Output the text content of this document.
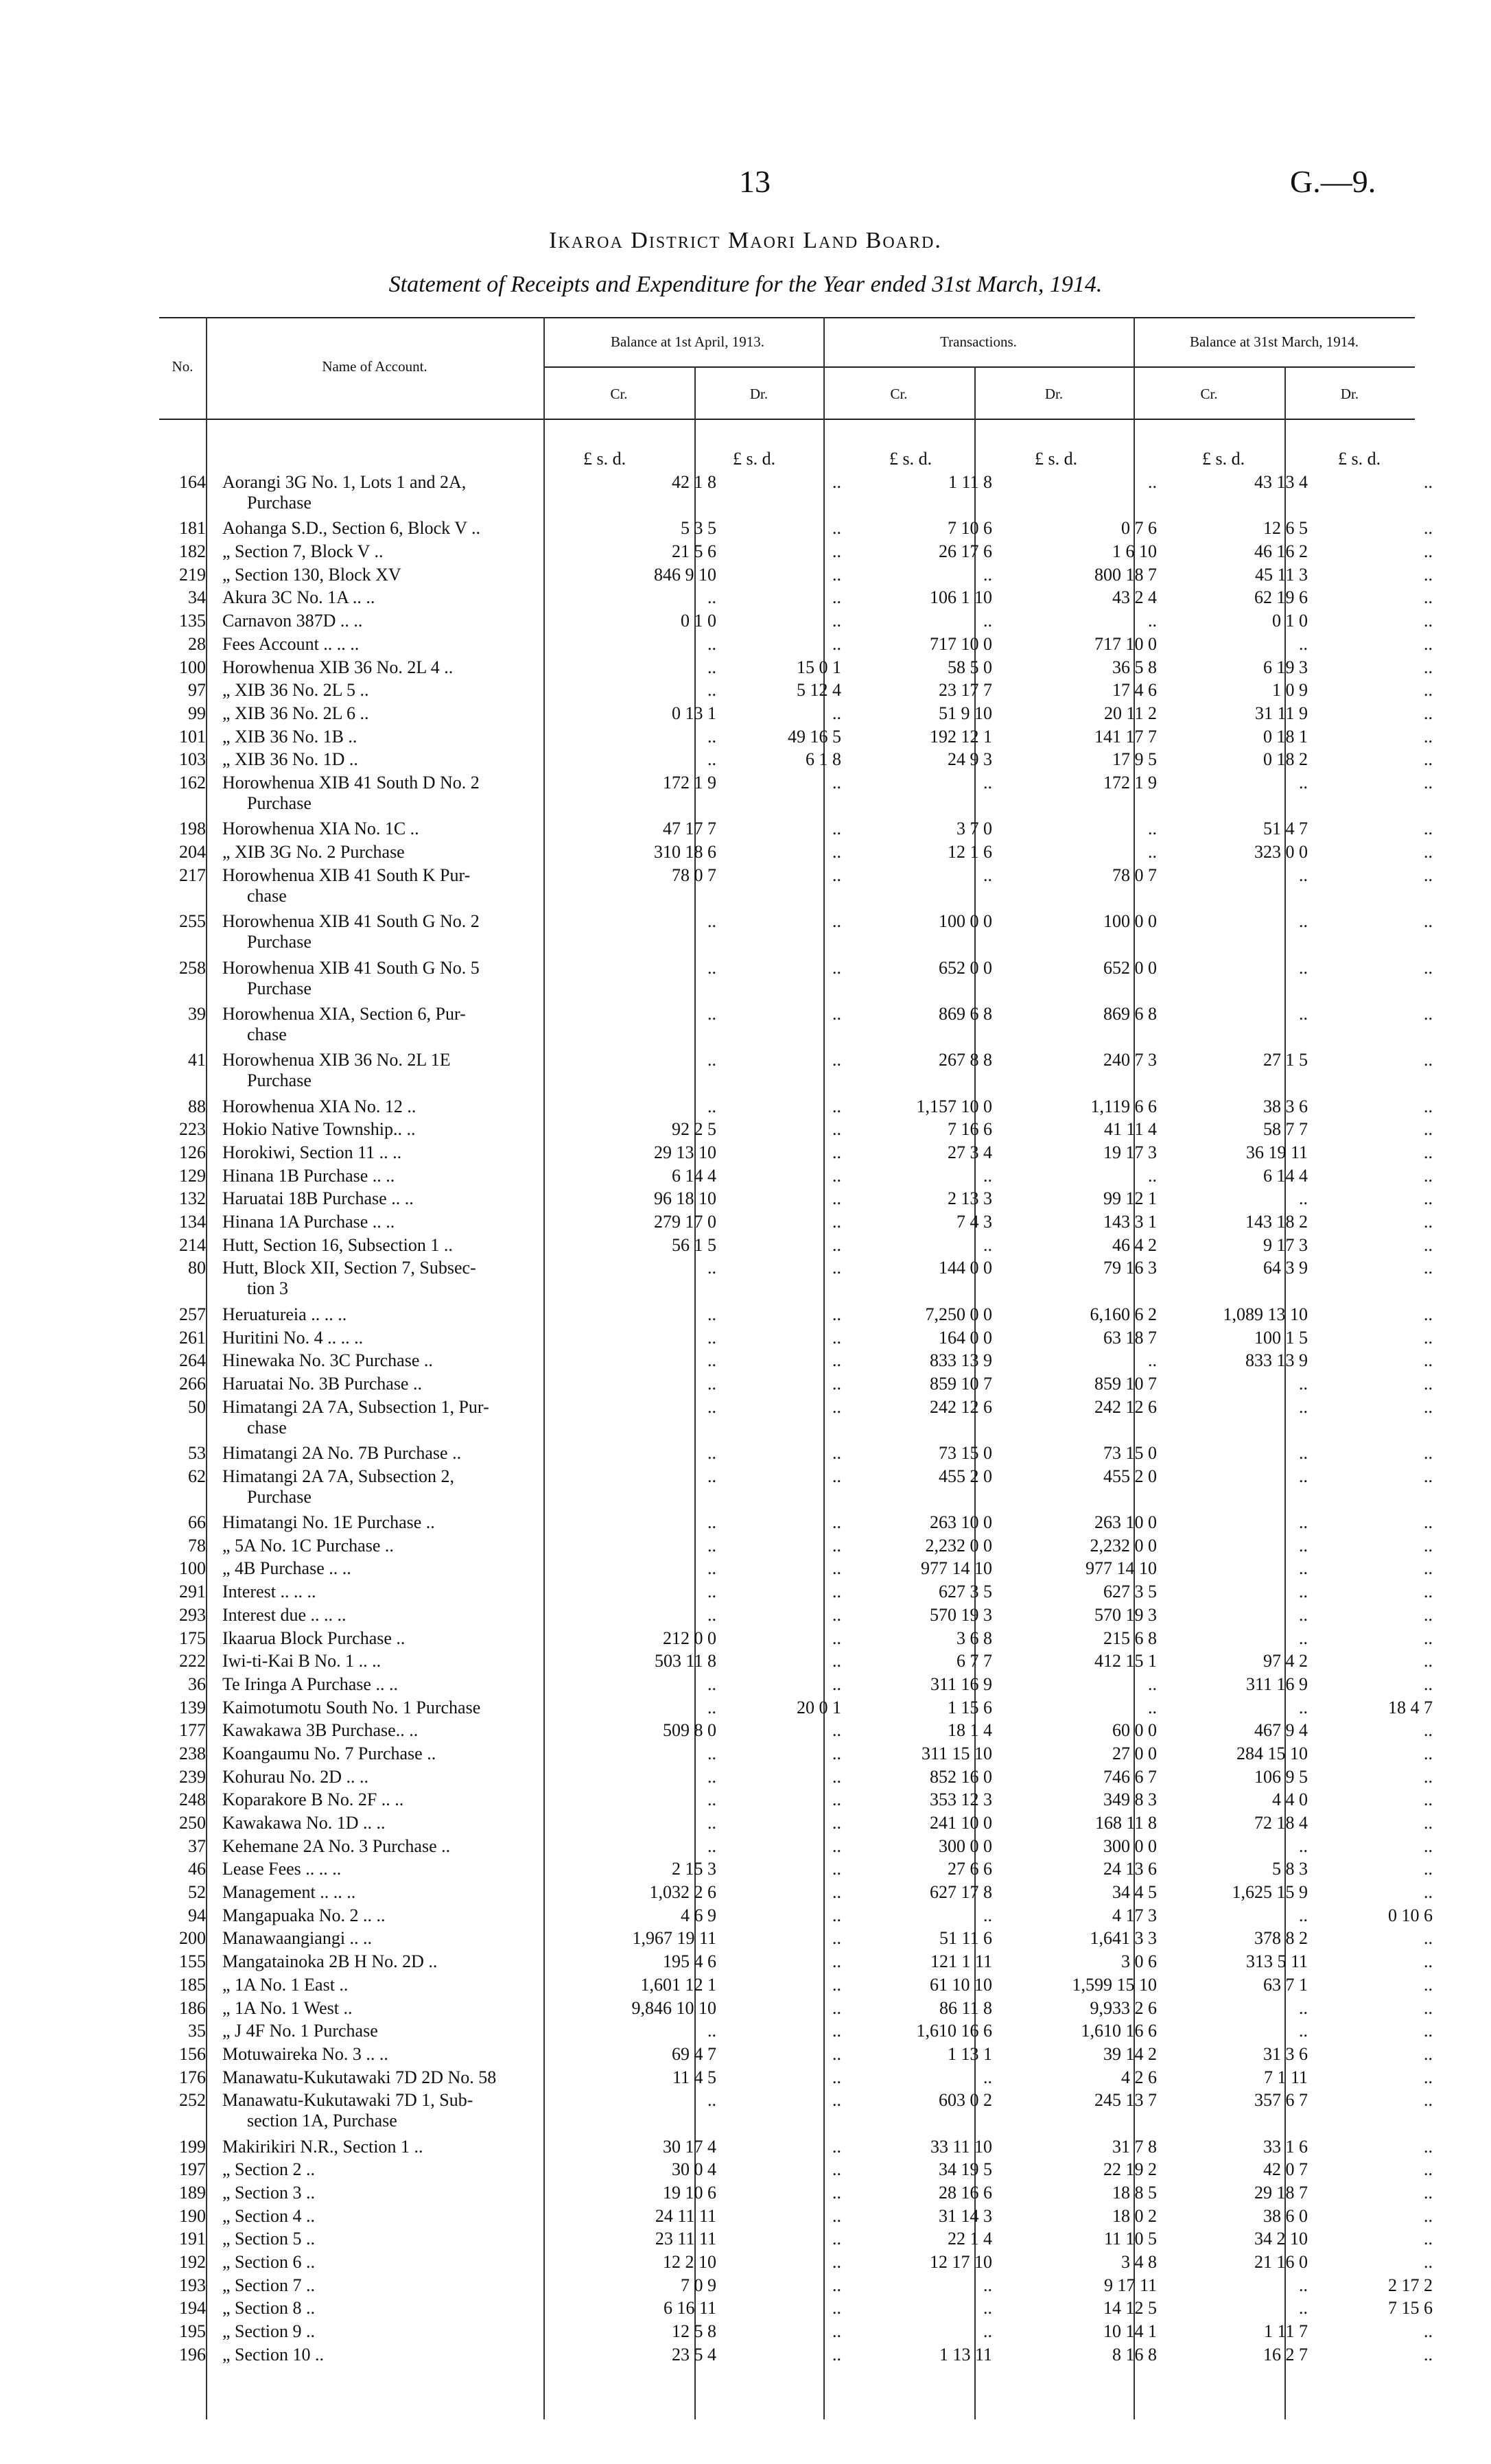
13	G.—9.
Ikaroa District Maori Land Board.
Statement of Receipts and Expenditure for the Year ended 31st March, 1914.
No.	Name of Account.
Balance at 1st April, 1913.	Transactions.	Balance at 31st March, 1914.
Cr.	Dr.	Cr.	Dr.	Cr.	Dr.
£ s. d.	£ s. d.	£ s. d.	£ s. d.	£ s. d.	£ s. d.
164	Aorangi 3G No. 1, Lots 1 and 2A,
Purchase	42 1 8	..	1 11 8	..	43 13 4	..
181	Aohanga S.D., Section 6, Block V ..	5 3 5	..	7 10 6	0 7 6	12 6 5	..
182	„ Section 7, Block V ..	21 5 6	..	26 17 6	1 6 10	46 16 2	..
219	„ Section 130, Block XV	846 9 10	..	..	800 18 7	45 11 3	..
34	Akura 3C No. 1A .. ..	..	..	106 1 10	43 2 4	62 19 6	..
135	Carnavon 387D .. ..	0 1 0	..	..	..	0 1 0	..
28	Fees Account .. .. ..	..	..	717 10 0	717 10 0	..	..
100	Horowhenua XIB 36 No. 2L 4 ..	..	15 0 1	58 5 0	36 5 8	6 19 3	..
97	„ XIB 36 No. 2L 5 ..	..	5 12 4	23 17 7	17 4 6	1 0 9	..
99	„ XIB 36 No. 2L 6 ..	0 13 1	..	51 9 10	20 11 2	31 11 9	..
101	„ XIB 36 No. 1B ..	..	49 16 5	192 12 1	141 17 7	0 18 1	..
103	„ XIB 36 No. 1D ..	..	6 1 8	24 9 3	17 9 5	0 18 2	..
162	Horowhenua XIB 41 South D No. 2
Purchase	172 1 9	..	..	172 1 9	..	..
198	Horowhenua XIA No. 1C ..	47 17 7	..	3 7 0	..	51 4 7	..
204	„ XIB 3G No. 2 Purchase	310 18 6	..	12 1 6	..	323 0 0	..
217	Horowhenua XIB 41 South K Pur-
chase	78 0 7	..	..	78 0 7	..	..
255	Horowhenua XIB 41 South G No. 2
Purchase	..	..	100 0 0	100 0 0	..	..
258	Horowhenua XIB 41 South G No. 5
Purchase	..	..	652 0 0	652 0 0	..	..
39	Horowhenua XIA, Section 6, Pur-
chase	..	..	869 6 8	869 6 8	..	..
41	Horowhenua XIB 36 No. 2L 1E
Purchase	..	..	267 8 8	240 7 3	27 1 5	..
88	Horowhenua XIA No. 12 ..	..	..	1,157 10 0	1,119 6 6	38 3 6	..
223	Hokio Native Township.. ..	92 2 5	..	7 16 6	41 11 4	58 7 7	..
126	Horokiwi, Section 11 .. ..	29 13 10	..	27 3 4	19 17 3	36 19 11	..
129	Hinana 1B Purchase .. ..	6 14 4	..	..	..	6 14 4	..
132	Haruatai 18B Purchase .. ..	96 18 10	..	2 13 3	99 12 1	..	..
134	Hinana 1A Purchase .. ..	279 17 0	..	7 4 3	143 3 1	143 18 2	..
214	Hutt, Section 16, Subsection 1 ..	56 1 5	..	..	46 4 2	9 17 3	..
80	Hutt, Block XII, Section 7, Subsec-
tion 3	..	..	144 0 0	79 16 3	64 3 9	..
257	Heruatureia .. .. ..	..	..	7,250 0 0	6,160 6 2	1,089 13 10	..
261	Huritini No. 4 .. .. ..	..	..	164 0 0	63 18 7	100 1 5	..
264	Hinewaka No. 3C Purchase ..	..	..	833 13 9	..	833 13 9	..
266	Haruatai No. 3B Purchase ..	..	..	859 10 7	859 10 7	..	..
50	Himatangi 2A 7A, Subsection 1, Pur-
chase	..	..	242 12 6	242 12 6	..	..
53	Himatangi 2A No. 7B Purchase ..	..	..	73 15 0	73 15 0	..	..
62	Himatangi 2A 7A, Subsection 2,
Purchase	..	..	455 2 0	455 2 0	..	..
66	Himatangi No. 1E Purchase ..	..	..	263 10 0	263 10 0	..	..
78	„ 5A No. 1C Purchase ..	..	..	2,232 0 0	2,232 0 0	..	..
100	„ 4B Purchase .. ..	..	..	977 14 10	977 14 10	..	..
291	Interest .. .. ..	..	..	627 3 5	627 3 5	..	..
293	Interest due .. .. ..	..	..	570 19 3	570 19 3	..	..
175	Ikaarua Block Purchase ..	212 0 0	..	3 6 8	215 6 8	..	..
222	Iwi-ti-Kai B No. 1 .. ..	503 11 8	..	6 7 7	412 15 1	97 4 2	..
36	Te Iringa A Purchase .. ..	..	..	311 16 9	..	311 16 9	..
139	Kaimotumotu South No. 1 Purchase	..	20 0 1	1 15 6	..	..	18 4 7
177	Kawakawa 3B Purchase.. ..	509 8 0	..	18 1 4	60 0 0	467 9 4	..
238	Koangaumu No. 7 Purchase ..	..	..	311 15 10	27 0 0	284 15 10	..
239	Kohurau No. 2D .. ..	..	..	852 16 0	746 6 7	106 9 5	..
248	Koparakore B No. 2F .. ..	..	..	353 12 3	349 8 3	4 4 0	..
250	Kawakawa No. 1D .. ..	..	..	241 10 0	168 11 8	72 18 4	..
37	Kehemane 2A No. 3 Purchase ..	..	..	300 0 0	300 0 0	..	..
46	Lease Fees .. .. ..	2 15 3	..	27 6 6	24 13 6	5 8 3	..
52	Management .. .. ..	1,032 2 6	..	627 17 8	34 4 5	1,625 15 9	..
94	Mangapuaka No. 2 .. ..	4 6 9	..	..	4 17 3	..	0 10 6
200	Manawaangiangi .. ..	1,967 19 11	..	51 11 6	1,641 3 3	378 8 2	..
155	Mangatainoka 2B H No. 2D ..	195 4 6	..	121 1 11	3 0 6	313 5 11	..
185	„ 1A No. 1 East ..	1,601 12 1	..	61 10 10	1,599 15 10	63 7 1	..
186	„ 1A No. 1 West ..	9,846 10 10	..	86 11 8	9,933 2 6	..	..
35	„ J 4F No. 1 Purchase	..	..	1,610 16 6	1,610 16 6	..	..
156	Motuwaireka No. 3 .. ..	69 4 7	..	1 13 1	39 14 2	31 3 6	..
176	Manawatu-Kukutawaki 7D 2D No. 58	11 4 5	..	..	4 2 6	7 1 11	..
252	Manawatu-Kukutawaki 7D 1, Sub-
section 1A, Purchase	..	..	603 0 2	245 13 7	357 6 7	..
199	Makirikiri N.R., Section 1 ..	30 17 4	..	33 11 10	31 7 8	33 1 6	..
197	„ Section 2 ..	30 0 4	..	34 19 5	22 19 2	42 0 7	..
189	„ Section 3 ..	19 10 6	..	28 16 6	18 8 5	29 18 7	..
190	„ Section 4 ..	24 11 11	..	31 14 3	18 0 2	38 6 0	..
191	„ Section 5 ..	23 11 11	..	22 1 4	11 10 5	34 2 10	..
192	„ Section 6 ..	12 2 10	..	12 17 10	3 4 8	21 16 0	..
193	„ Section 7 ..	7 0 9	..	..	9 17 11	..	2 17 2
194	„ Section 8 ..	6 16 11	..	..	14 12 5	..	7 15 6
195	„ Section 9 ..	12 5 8	..	..	10 14 1	1 11 7	..
196	„ Section 10 ..	23 5 4	..	1 13 11	8 16 8	16 2 7	..
